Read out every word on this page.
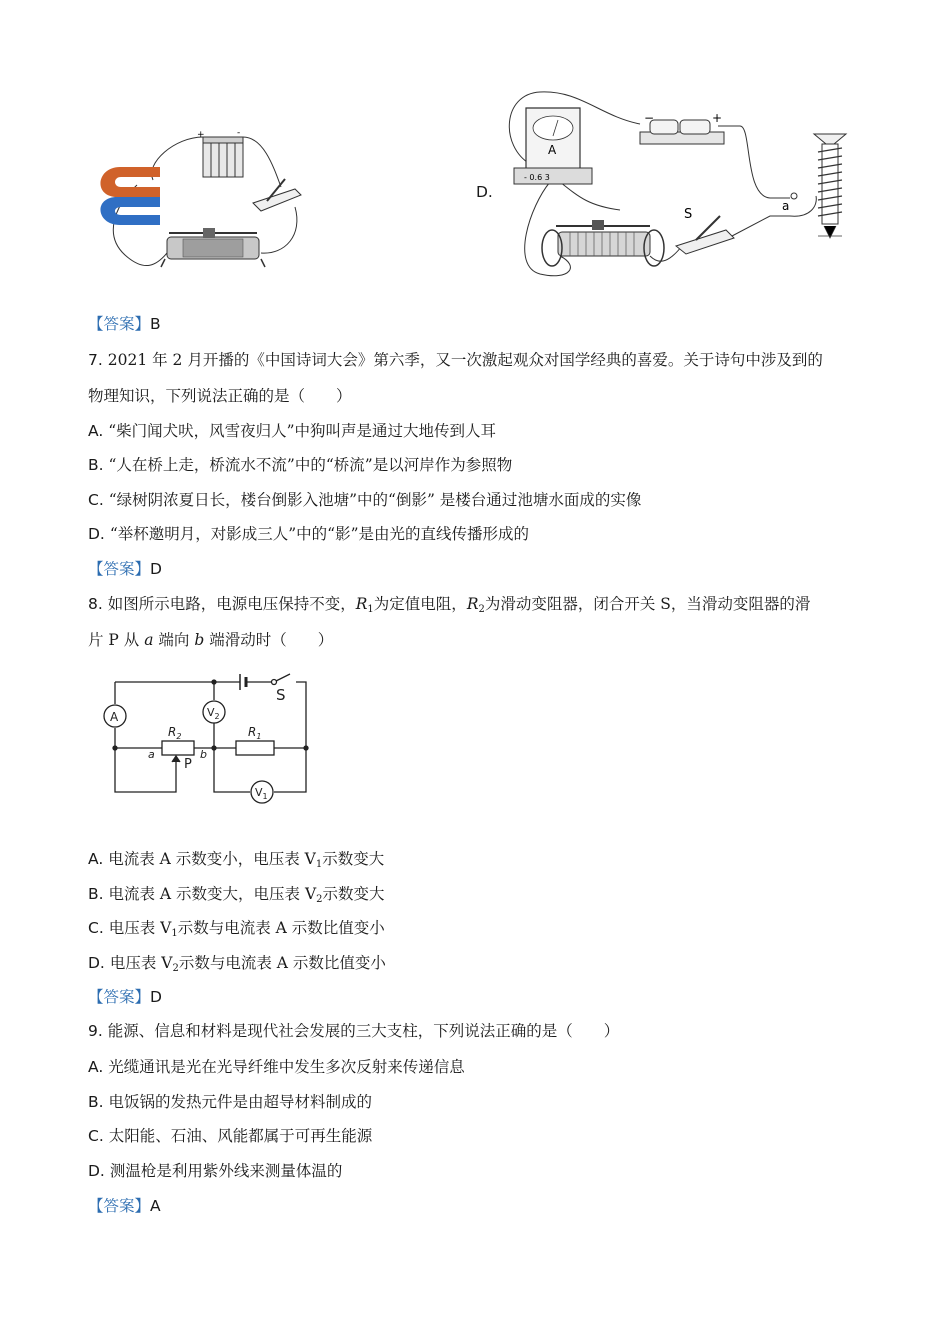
+	-
D.
A
- 0.6 3
−	+
a
S
【答案】B
7. 2021 年 2 月开播的《中国诗词大会》第六季，又一次激起观众对国学经典的喜爱。关于诗句中涉及到的
物理知识，下列说法正确的是（　　）
A. “柴门闻犬吠，风雪夜归人”中狗叫声是通过大地传到人耳
B. “人在桥上走，桥流水不流”中的“桥流”是以河岸作为参照物
C. “绿树阴浓夏日长，楼台倒影入池塘”中的“倒影” 是楼台通过池塘水面成的实像
D. “举杯邀明月，对影成三人”中的“影”是由光的直线传播形成的
【答案】D
8. 如图所示电路，电源电压保持不变，$R_1$为定值电阻，$R_2$为滑动变阻器，闭合开关 S，当滑动变阻器的滑
片 P 从 a 端向 b 端滑动时（　　）
A	$V_2$
$V_1$
$R_2$	$R_1$
S
P
a	b
A. 电流表 A 示数变小，电压表 $V_1$示数变大
B. 电流表 A 示数变大，电压表 $V_2$示数变大
C. 电压表 $V_1$示数与电流表 A 示数比值变小
D. 电压表 $V_2$示数与电流表 A 示数比值变小
【答案】D
9. 能源、信息和材料是现代社会发展的三大支柱，下列说法正确的是（　　）
A. 光缆通讯是光在光导纤维中发生多次反射来传递信息
B. 电饭锅的发热元件是由超导材料制成的
C. 太阳能、石油、风能都属于可再生能源
D. 测温枪是利用紫外线来测量体温的
【答案】A
